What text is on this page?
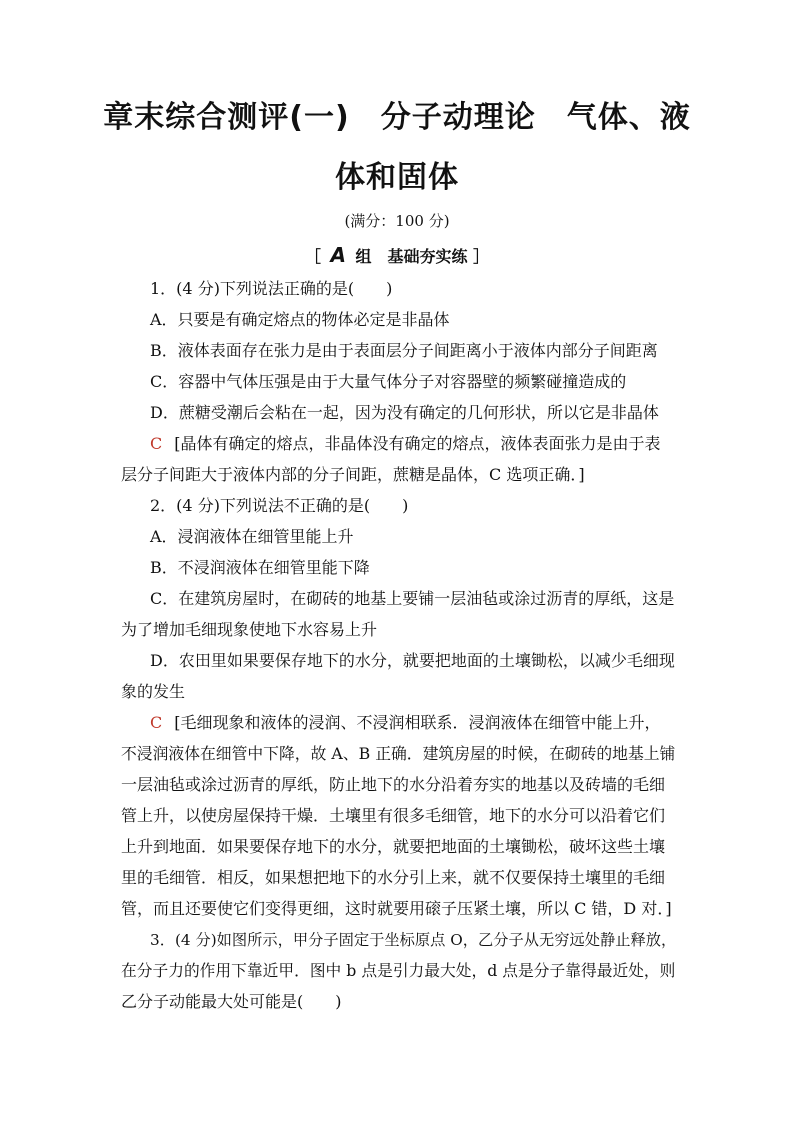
章末综合测评(一)　分子动理论　气体、液
体和固体
(满分：100 分)
［ A 组　基础夯实练 ］
1．(4 分)下列说法正确的是(　　)
A．只要是有确定熔点的物体必定是非晶体
B．液体表面存在张力是由于表面层分子间距离小于液体内部分子间距离
C．容器中气体压强是由于大量气体分子对容器壁的频繁碰撞造成的
D．蔗糖受潮后会粘在一起，因为没有确定的几何形状，所以它是非晶体
C [晶体有确定的熔点，非晶体没有确定的熔点，液体表面张力是由于表
层分子间距大于液体内部的分子间距，蔗糖是晶体，C 选项正确．]
2．(4 分)下列说法不正确的是(　　)
A．浸润液体在细管里能上升
B．不浸润液体在细管里能下降
C．在建筑房屋时，在砌砖的地基上要铺一层油毡或涂过沥青的厚纸，这是
为了增加毛细现象使地下水容易上升
D．农田里如果要保存地下的水分，就要把地面的土壤锄松，以减少毛细现
象的发生
C [毛细现象和液体的浸润、不浸润相联系．浸润液体在细管中能上升，
不浸润液体在细管中下降，故 A、B 正确．建筑房屋的时候，在砌砖的地基上铺
一层油毡或涂过沥青的厚纸，防止地下的水分沿着夯实的地基以及砖墙的毛细
管上升，以使房屋保持干燥．土壤里有很多毛细管，地下的水分可以沿着它们
上升到地面．如果要保存地下的水分，就要把地面的土壤锄松，破坏这些土壤
里的毛细管．相反，如果想把地下的水分引上来，就不仅要保持土壤里的毛细
管，而且还要使它们变得更细，这时就要用磙子压紧土壤，所以 C 错，D 对．]
3．(4 分)如图所示，甲分子固定于坐标原点 O，乙分子从无穷远处静止释放，
在分子力的作用下靠近甲．图中 b 点是引力最大处，d 点是分子靠得最近处，则
乙分子动能最大处可能是(　　)
